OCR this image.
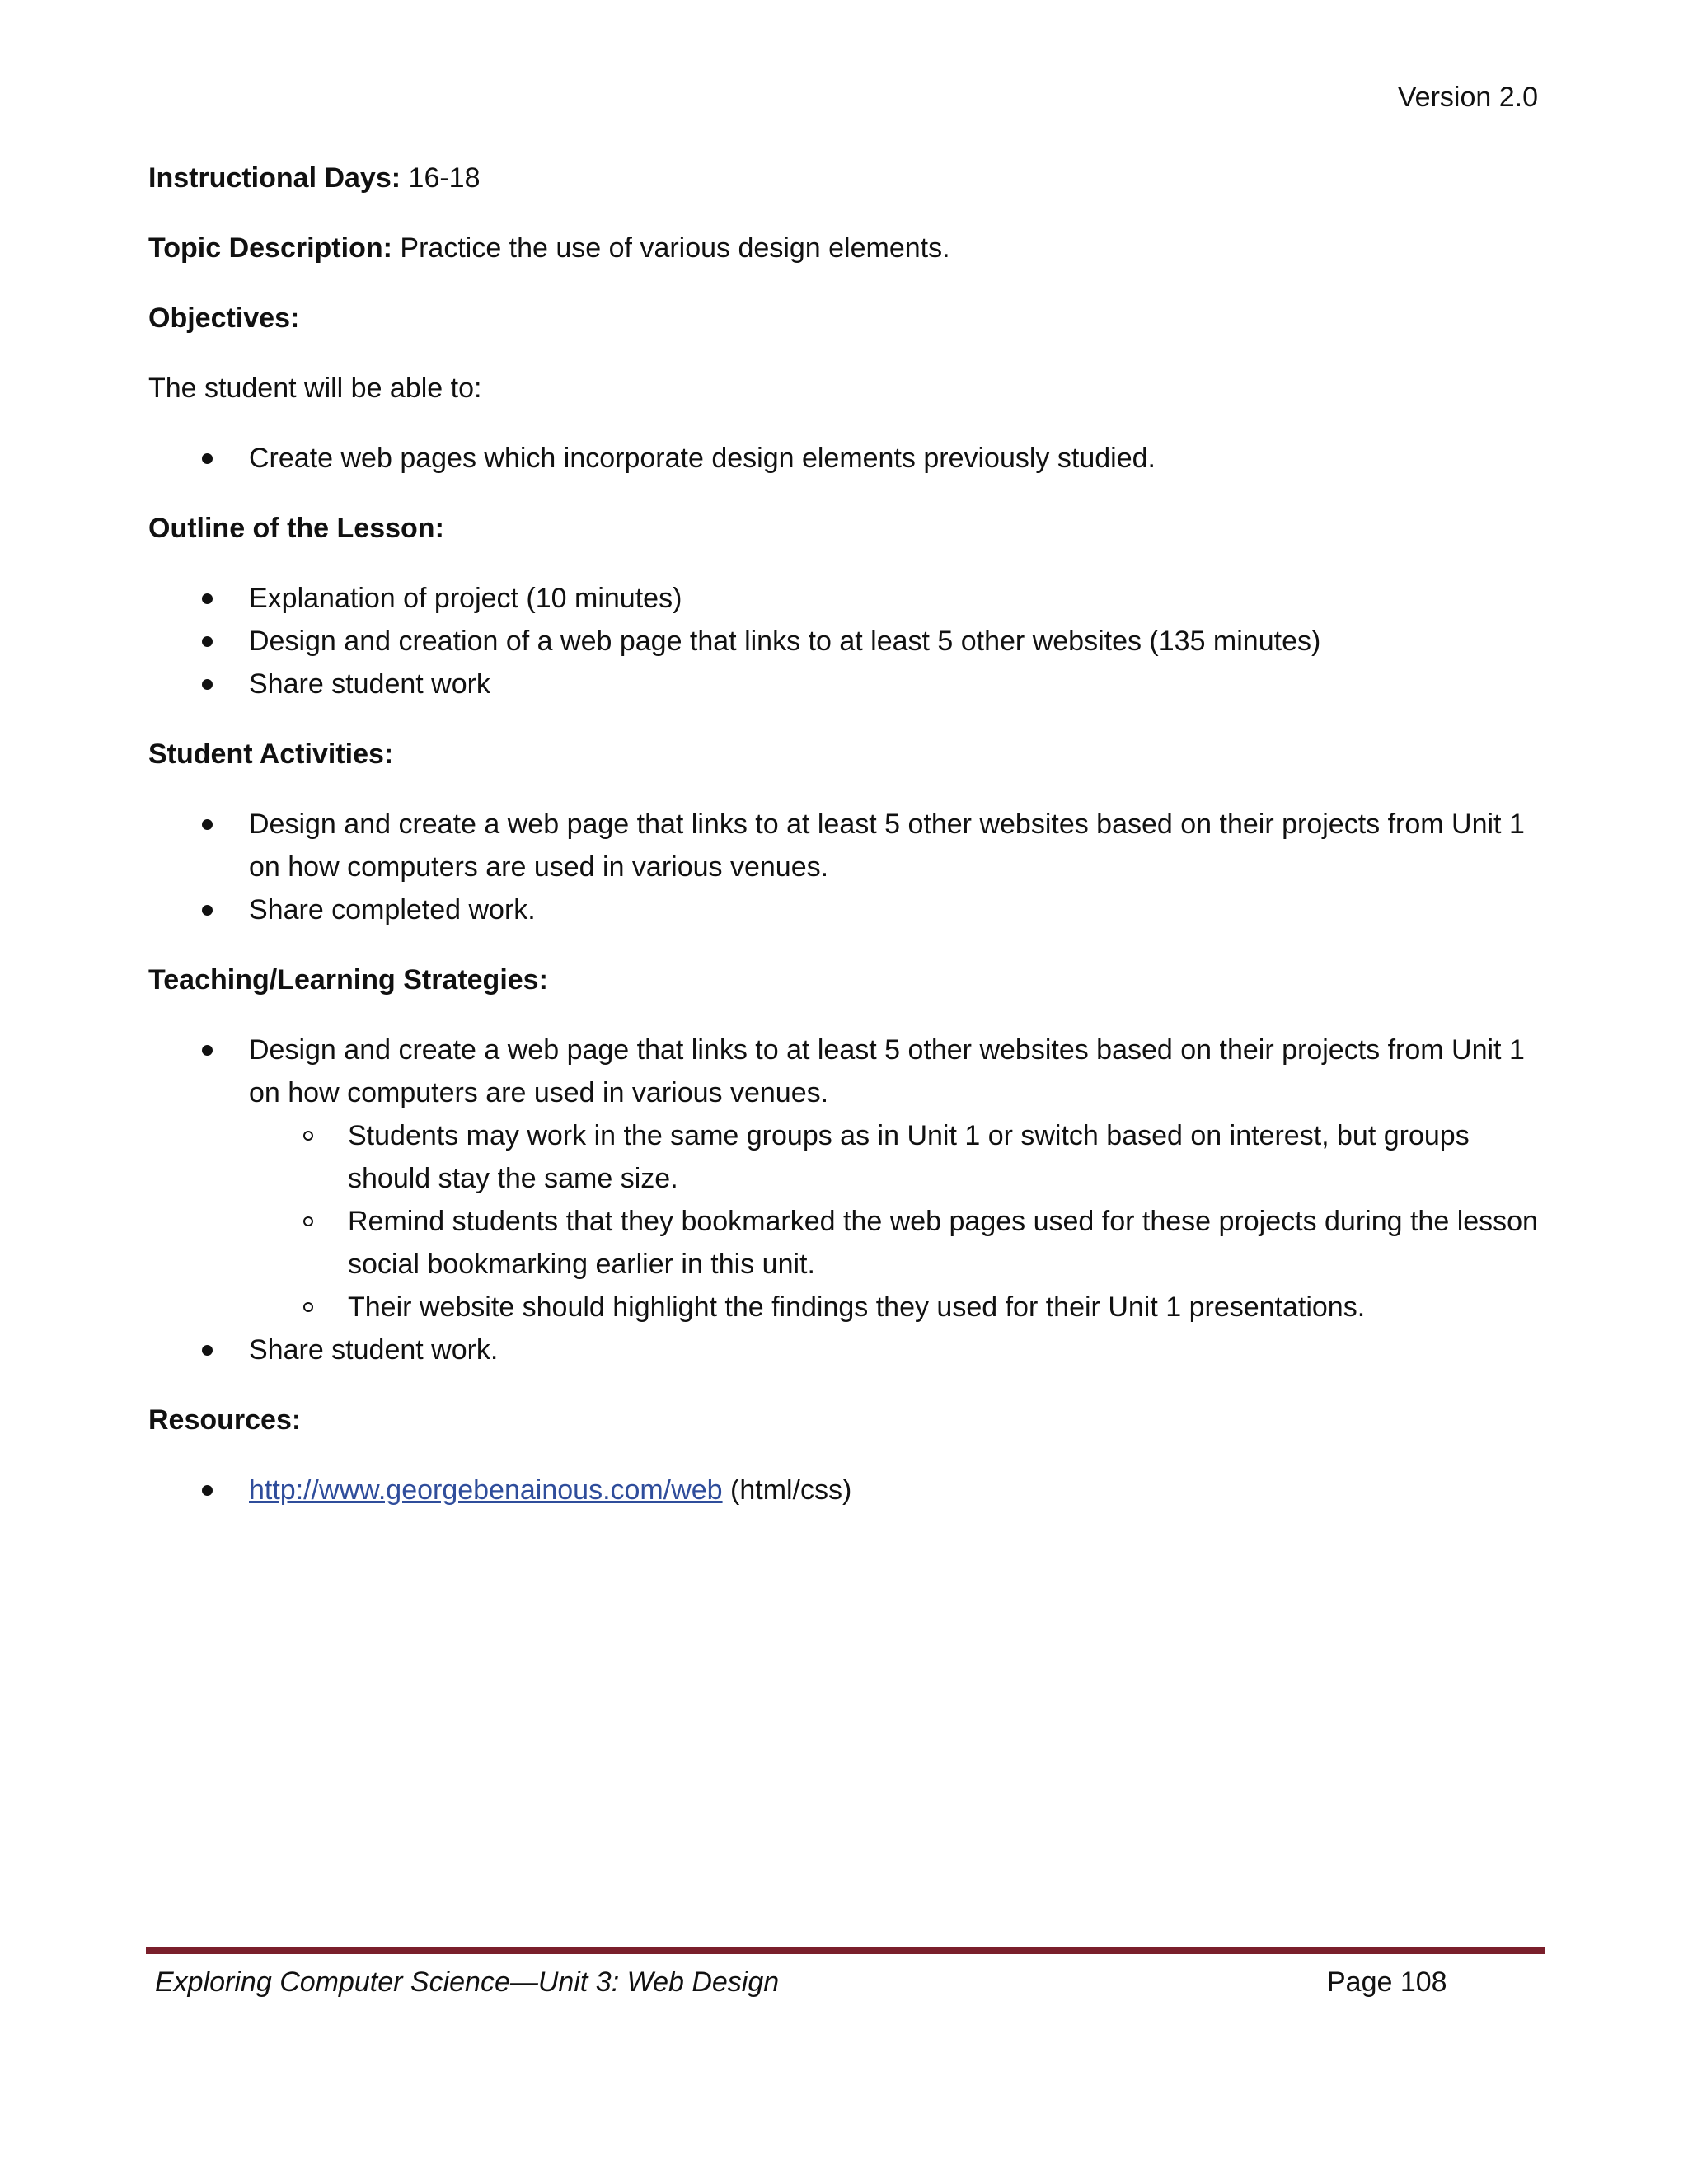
Version 2.0

Instructional Days: 16-18

Topic Description: Practice the use of various design elements.

Objectives:

The student will be able to:

Create web pages which incorporate design elements previously studied.

Outline of the Lesson:

Explanation of project (10 minutes)
Design and creation of a web page that links to at least 5 other websites (135 minutes)
Share student work

Student Activities:

Design and create a web page that links to at least 5 other websites based on their projects from Unit 1 on how computers are used in various venues.
Share completed work.

Teaching/Learning Strategies:

Design and create a web page that links to at least 5 other websites based on their projects from Unit 1 on how computers are used in various venues.
Students may work in the same groups as in Unit 1 or switch based on interest, but groups should stay the same size.
Remind students that they bookmarked the web pages used for these projects during the lesson social bookmarking earlier in this unit.
Their website should highlight the findings they used for their Unit 1 presentations.
Share student work.

Resources:

http://www.georgebenainous.com/web (html/css)
Exploring Computer Science—Unit 3: Web Design	Page 108
